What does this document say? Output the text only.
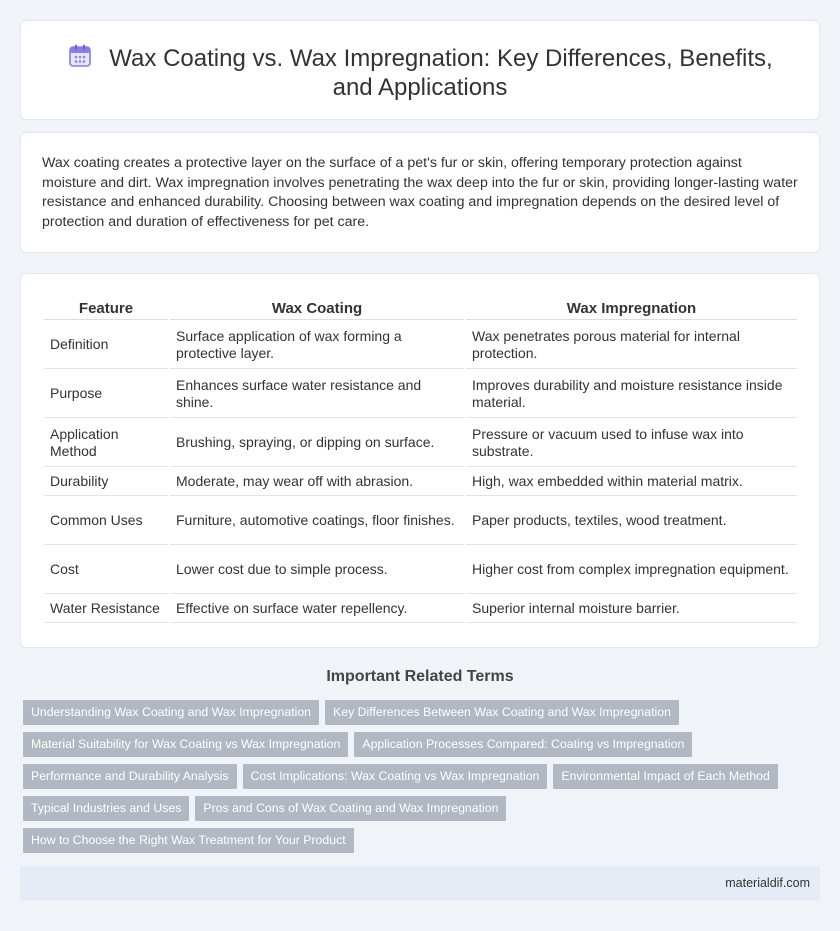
Wax Coating vs. Wax Impregnation: Key Differences, Benefits, and Applications

Wax coating creates a protective layer on the surface of a pet's fur or skin, offering temporary protection against moisture and dirt. Wax impregnation involves penetrating the wax deep into the fur or skin, providing longer-lasting water resistance and enhanced durability. Choosing between wax coating and impregnation depends on the desired level of protection and duration of effectiveness for pet care.

Feature	Wax Coating	Wax Impregnation
Definition	Surface application of wax forming a protective layer.	Wax penetrates porous material for internal protection.
Purpose	Enhances surface water resistance and shine.	Improves durability and moisture resistance inside material.
Application Method	Brushing, spraying, or dipping on surface.	Pressure or vacuum used to infuse wax into substrate.
Durability	Moderate, may wear off with abrasion.	High, wax embedded within material matrix.
Common Uses	Furniture, automotive coatings, floor finishes.	Paper products, textiles, wood treatment.
Cost	Lower cost due to simple process.	Higher cost from complex impregnation equipment.
Water Resistance	Effective on surface water repellency.	Superior internal moisture barrier.
Important Related Terms
Understanding Wax Coating and Wax Impregnation Key Differences Between Wax Coating and Wax Impregnation
Material Suitability for Wax Coating vs Wax Impregnation Application Processes Compared: Coating vs Impregnation
Performance and Durability Analysis Cost Implications: Wax Coating vs Wax Impregnation Environmental Impact of Each Method
Typical Industries and Uses Pros and Cons of Wax Coating and Wax Impregnation
How to Choose the Right Wax Treatment for Your Product
materialdif.com
